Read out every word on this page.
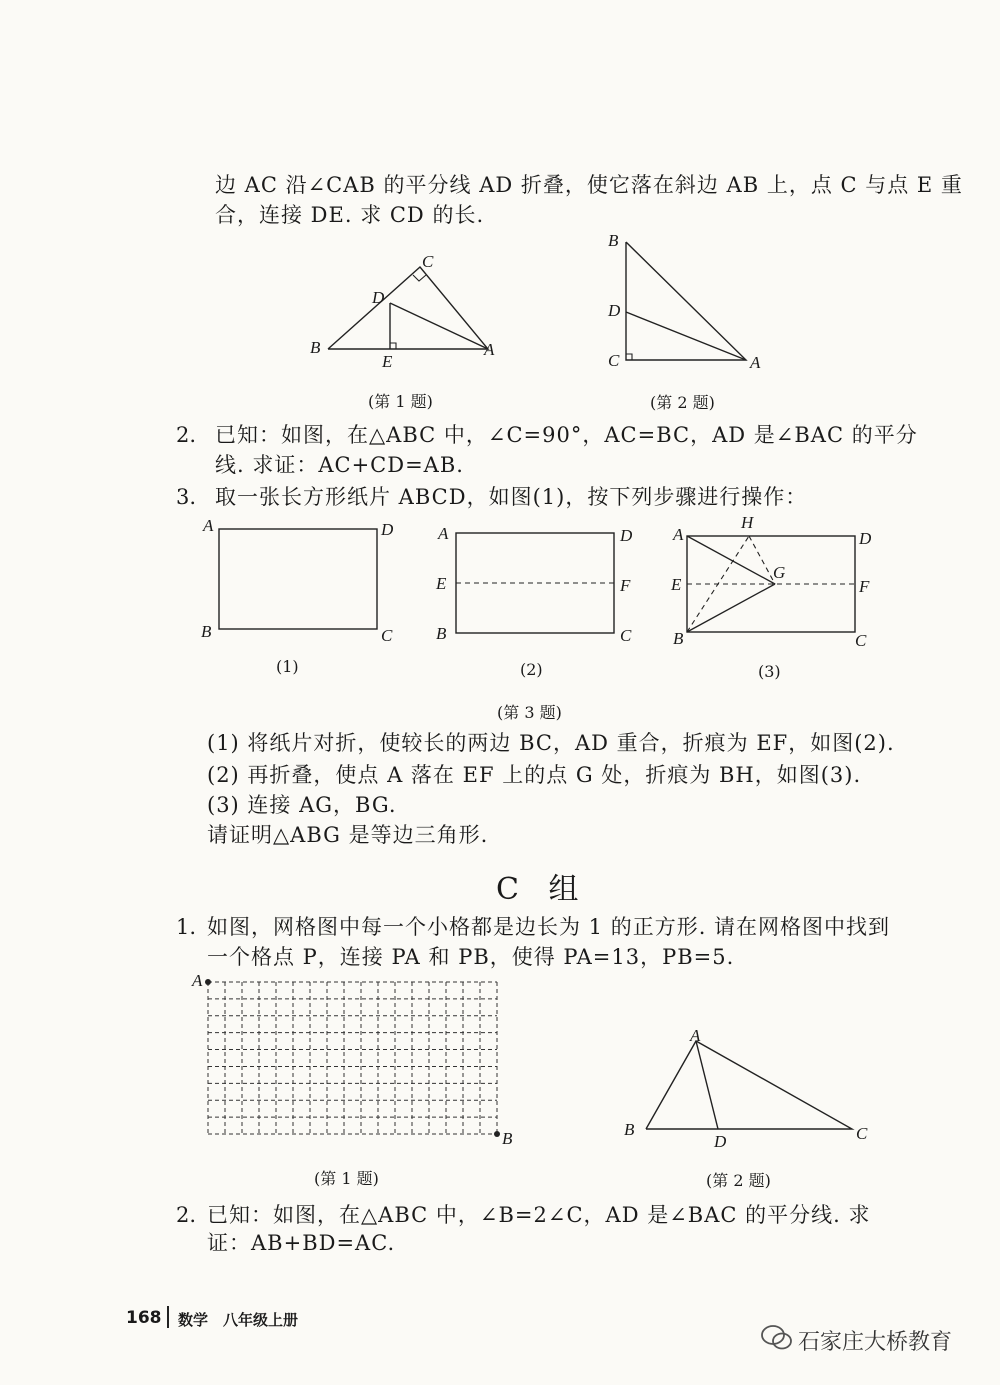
边 AC 沿∠CAB 的平分线 AD 折叠，使它落在斜边 AB 上，点 C 与点 E 重
合，连接 DE. 求 CD 的长.
B
E
A
D
C
(第 1 题)
B
D
C	A
(第 2 题)
2. 已知：如图，在△ABC 中，∠C=90°，AC=BC，AD 是∠BAC 的平分
线. 求证：AC+CD=AB.
3. 取一张长方形纸片 ABCD，如图(1)，按下列步骤进行操作：
A	D
B	C
(1)
A	D
E	F
B	C
(2)
A
H
D
E
G
F
B	C
(3)
(第 3 题)
(1) 将纸片对折，使较长的两边 BC，AD 重合，折痕为 EF，如图(2).
(2) 再折叠，使点 A 落在 EF 上的点 G 处，折痕为 BH，如图(3).
(3) 连接 AG，BG.
请证明△ABG 是等边三角形.
C 组
1. 如图，网格图中每一个小格都是边长为 1 的正方形. 请在网格图中找到
一个格点 P，连接 PA 和 PB，使得 PA=13，PB=5.
A
B
(第 1 题)
A
B
D	C
(第 2 题)
2. 已知：如图，在△ABC 中，∠B=2∠C，AD 是∠BAC 的平分线. 求
证：AB+BD=AC.
168 数学　八年级上册
石家庄大桥教育
